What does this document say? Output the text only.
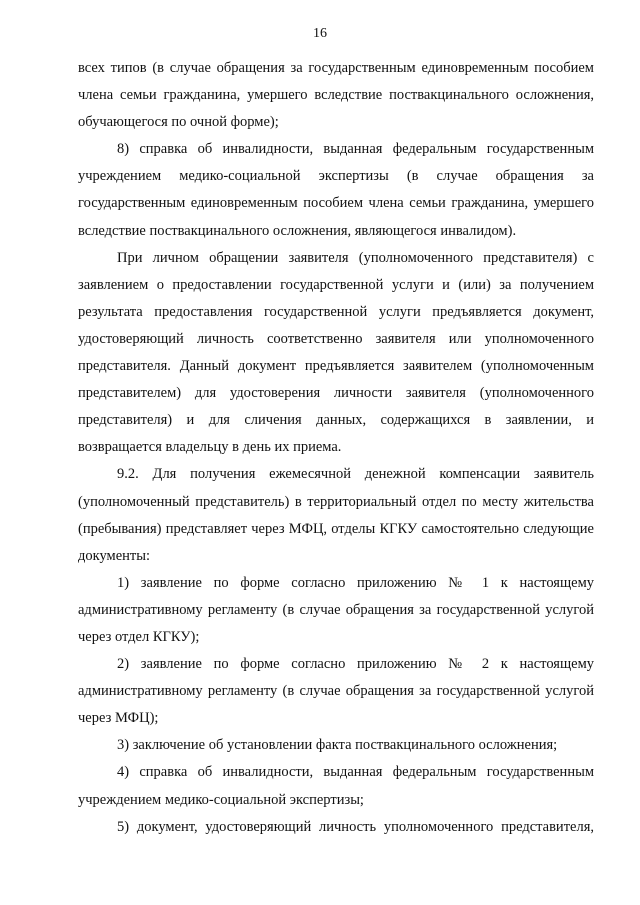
16

всех типов (в случае обращения за государственным единовременным пособием члена семьи гражданина, умершего вследствие поствакцинального осложнения, обучающегося по очной форме);

8) справка об инвалидности, выданная федеральным государственным учреждением медико-социальной экспертизы (в случае обращения за государственным единовременным пособием члена семьи гражданина, умершего вследствие поствакцинального осложнения, являющегося инвалидом).

При личном обращении заявителя (уполномоченного представителя) с заявлением о предоставлении государственной услуги и (или) за получением результата предоставления государственной услуги предъявляется документ, удостоверяющий личность соответственно заявителя или уполномоченного представителя. Данный документ предъявляется заявителем (уполномоченным представителем) для удостоверения личности заявителя (уполномоченного представителя) и для сличения данных, содержащихся в заявлении, и возвращается владельцу в день их приема.

9.2. Для получения ежемесячной денежной компенсации заявитель (уполномоченный представитель) в территориальный отдел по месту жительства (пребывания) представляет через МФЦ, отделы КГКУ самостоятельно следующие документы:

1) заявление по форме согласно приложению № 1 к настоящему административному регламенту (в случае обращения за государственной услугой через отдел КГКУ);

2) заявление по форме согласно приложению № 2 к настоящему административному регламенту (в случае обращения за государственной услугой через МФЦ);

3) заключение об установлении факта поствакцинального осложнения;

4) справка об инвалидности, выданная федеральным государственным учреждением медико-социальной экспертизы;

5) документ, удостоверяющий личность уполномоченного представителя,
